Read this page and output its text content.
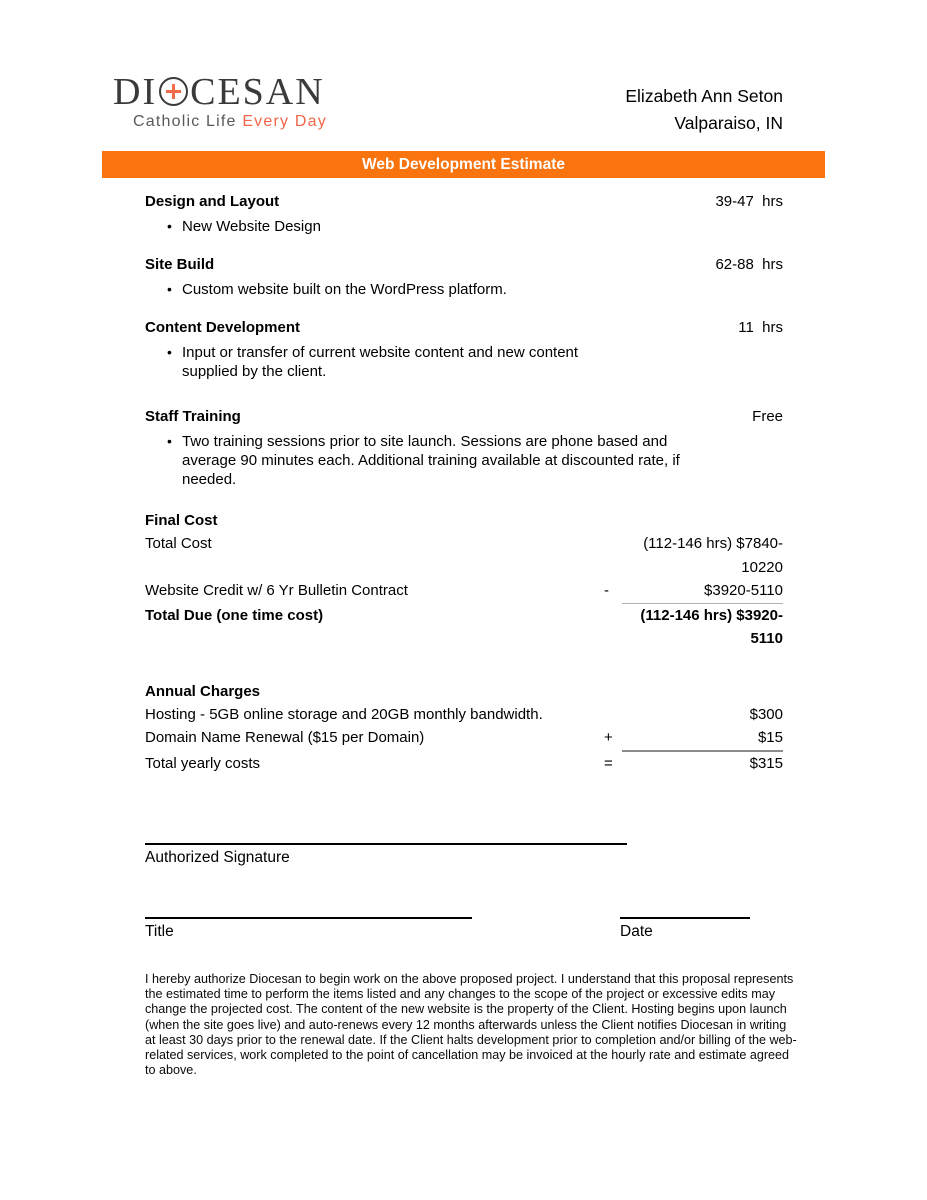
DI CESAN
Catholic Life Every Day
Elizabeth Ann Seton
Valparaiso, IN
Web Development Estimate
Design and Layout	39-47  hrs
• New Website Design
Site Build	62-88  hrs
• Custom website built on the WordPress platform.
Content Development	11  hrs
• Input or transfer of current website content and new content
supplied by the client.
Staff Training	Free
• Two training sessions prior to site launch. Sessions are phone based and
average 90 minutes each. Additional training available at discounted rate, if
needed.
Final Cost
Total Cost	(112-146 hrs) $7840-10220
Website Credit w/ 6 Yr Bulletin Contract	-	$3920-5110
Total Due (one time cost)	(112-146 hrs) $3920-5110
Annual Charges
Hosting - 5GB online storage and 20GB monthly bandwidth.	$300
Domain Name Renewal ($15 per Domain)	+	$15
Total yearly costs	=	$315
Authorized Signature
Title	Date

I hereby authorize Diocesan to begin work on the above proposed project. I understand that this proposal represents the estimated time to perform the items listed and any changes to the scope of the project or excessive edits may change the projected cost. The content of the new website is the property of the Client. Hosting begins upon launch (when the site goes live) and auto-renews every 12 months afterwards unless the Client notifies Diocesan in writing at least 30 days prior to the renewal date. If the Client halts development prior to completion and/or billing of the web-related services, work completed to the point of cancellation may be invoiced at the hourly rate and estimate agreed to above.
